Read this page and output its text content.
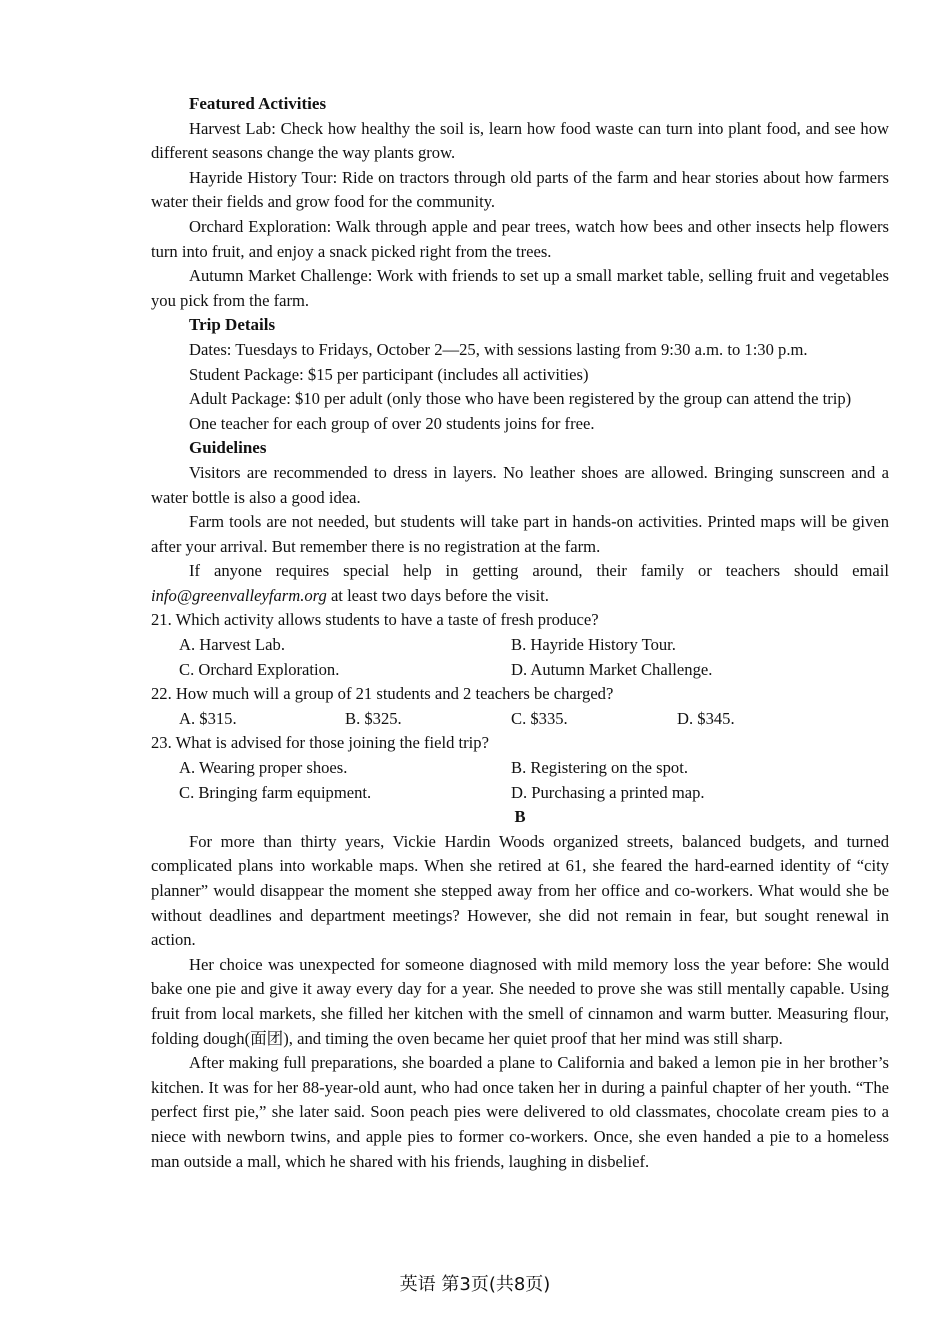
Featured Activities

Harvest Lab: Check how healthy the soil is, learn how food waste can turn into plant food, and see how different seasons change the way plants grow.

Hayride History Tour: Ride on tractors through old parts of the farm and hear stories about how farmers water their fields and grow food for the community.

Orchard Exploration: Walk through apple and pear trees, watch how bees and other insects help flowers turn into fruit, and enjoy a snack picked right from the trees.

Autumn Market Challenge: Work with friends to set up a small market table, selling fruit and vegetables you pick from the farm.

Trip Details

Dates: Tuesdays to Fridays, October 2—25, with sessions lasting from 9:30 a.m. to 1:30 p.m.

Student Package: $15 per participant (includes all activities)

Adult Package: $10 per adult (only those who have been registered by the group can attend the trip)

One teacher for each group of over 20 students joins for free.

Guidelines

Visitors are recommended to dress in layers. No leather shoes are allowed. Bringing sunscreen and a water bottle is also a good idea.

Farm tools are not needed, but students will take part in hands-on activities. Printed maps will be given after your arrival. But remember there is no registration at the farm.

If anyone requires special help in getting around, their family or teachers should email info@greenvalleyfarm.org at least two days before the visit.

21. Which activity allows students to have a taste of fresh produce?

A. Harvest Lab.	B. Hayride History Tour.

C. Orchard Exploration.	D. Autumn Market Challenge.

22. How much will a group of 21 students and 2 teachers be charged?

A. $315.	B. $325.	C. $335.	D. $345.

23. What is advised for those joining the field trip?

A. Wearing proper shoes.	B. Registering on the spot.

C. Bringing farm equipment.	D. Purchasing a printed map.

B

For more than thirty years, Vickie Hardin Woods organized streets, balanced budgets, and turned complicated plans into workable maps. When she retired at 61, she feared the hard-earned identity of “city planner” would disappear the moment she stepped away from her office and co-workers. What would she be without deadlines and department meetings? However, she did not remain in fear, but sought renewal in action.

Her choice was unexpected for someone diagnosed with mild memory loss the year before: She would bake one pie and give it away every day for a year. She needed to prove she was still mentally capable. Using fruit from local markets, she filled her kitchen with the smell of cinnamon and warm butter. Measuring flour, folding dough(面团), and timing the oven became her quiet proof that her mind was still sharp.

After making full preparations, she boarded a plane to California and baked a lemon pie in her brother’s kitchen. It was for her 88-year-old aunt, who had once taken her in during a painful chapter of her youth. “The perfect first pie,” she later said. Soon peach pies were delivered to old classmates, chocolate cream pies to a niece with newborn twins, and apple pies to former co-workers. Once, she even handed a pie to a homeless man outside a mall, which he shared with his friends, laughing in disbelief.

英语 第3页(共8页)
